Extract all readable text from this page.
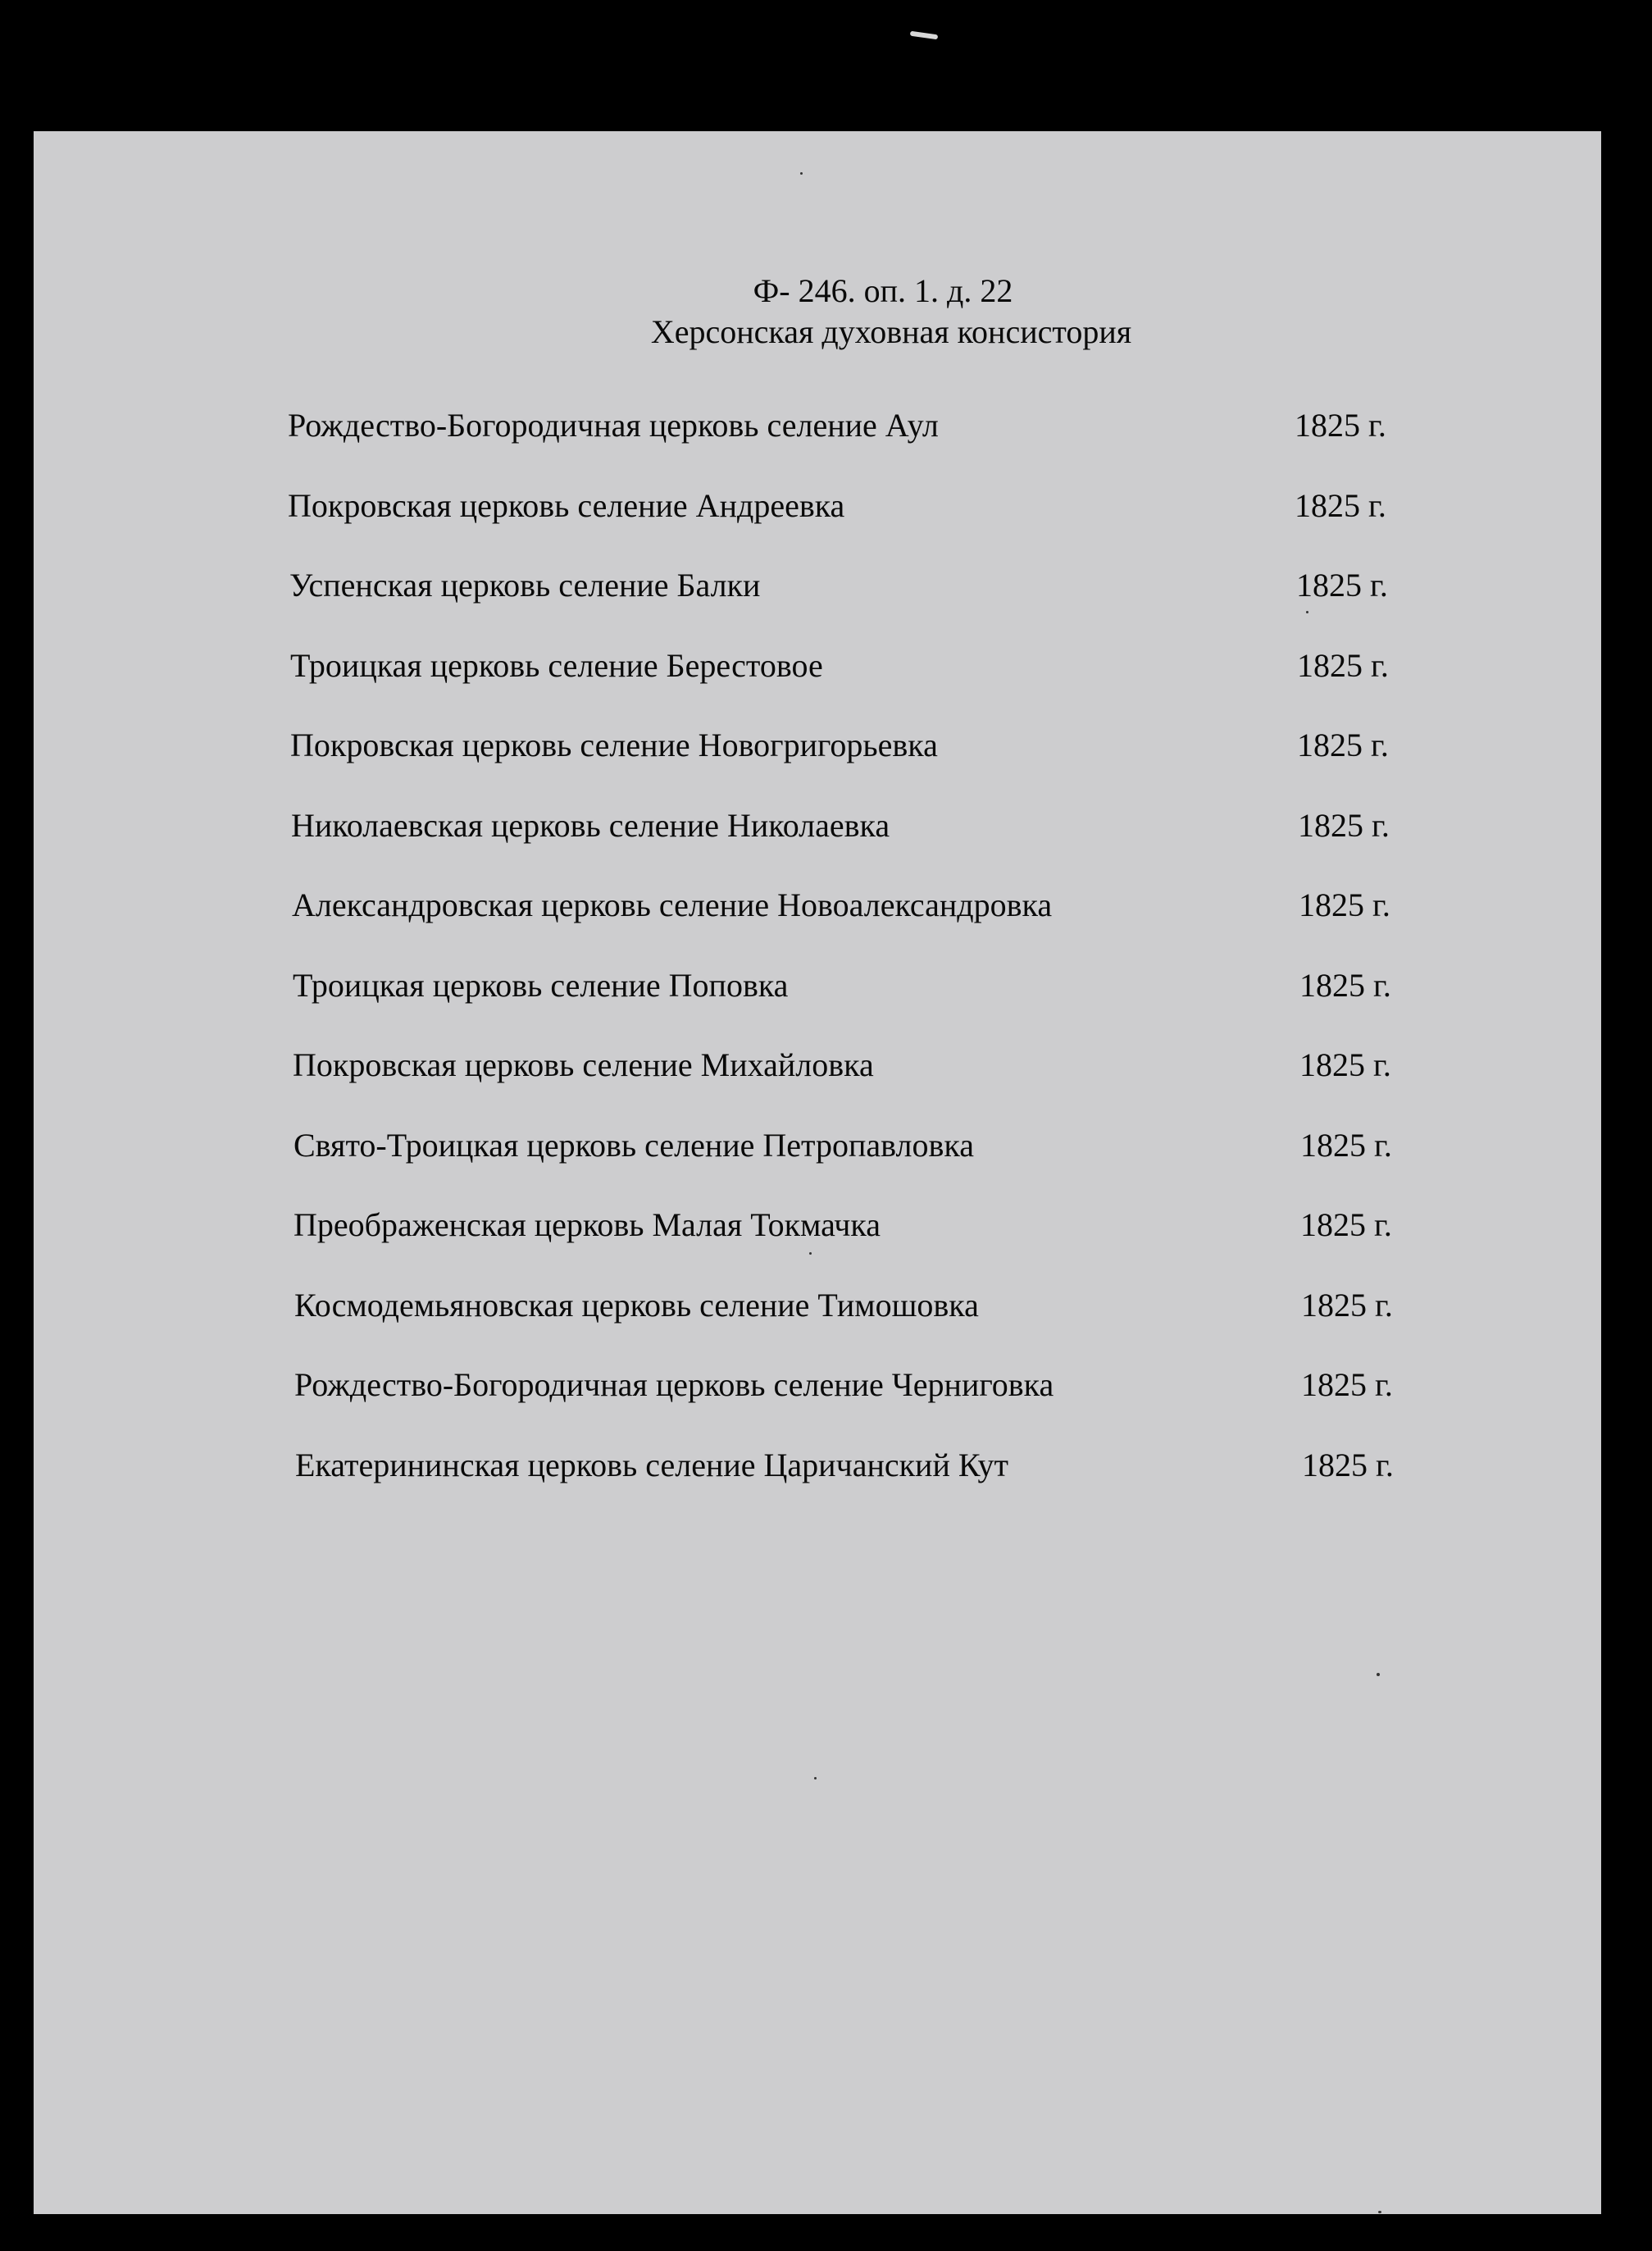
Ф- 246. оп. 1. д. 22
Херсонская духовная консистория
Рождество-Богородичная церковь селение Аул	1825 г.
Покровская церковь селение Андреевка	1825 г.
Успенская церковь селение Балки	1825 г.
Троицкая церковь селение Берестовое	1825 г.
Покровская церковь селение Новогригорьевка	1825 г.
Николаевская церковь селение Николаевка	1825 г.
Александровская церковь селение Новоалександровка	1825 г.
Троицкая церковь селение Поповка	1825 г.
Покровская церковь селение Михайловка	1825 г.
Свято-Троицкая церковь селение Петропавловка	1825 г.
Преображенская церковь Малая Токмачка	1825 г.
Космодемьяновская церковь селение Тимошовка	1825 г.
Рождество-Богородичная церковь селение Черниговка	1825 г.
Екатерининская церковь селение Царичанский Кут	1825 г.
